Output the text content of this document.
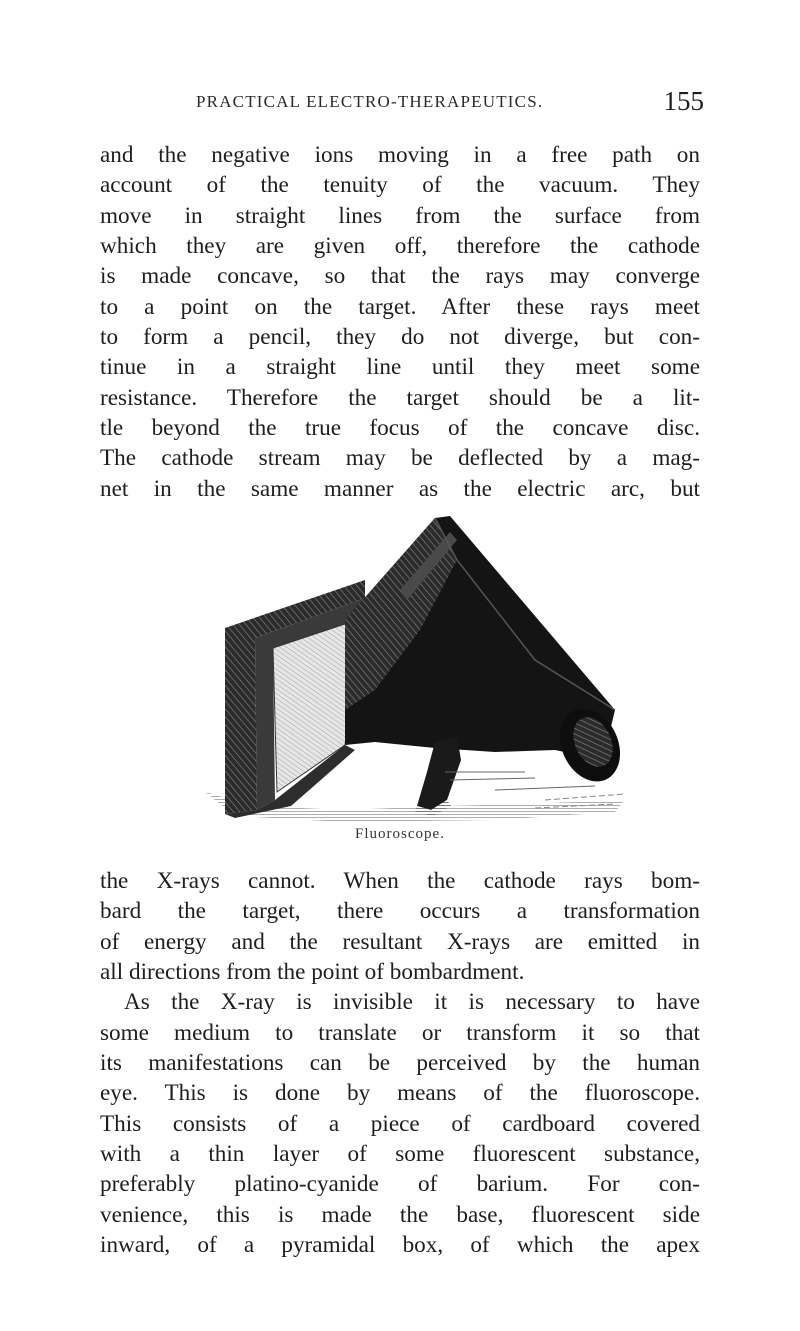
PRACTICAL ELECTRO-THERAPEUTICS.	155
and the negative ions moving in a free path on
account of the tenuity of the vacuum. They
move in straight lines from the surface from
which they are given off, therefore the cathode
is made concave, so that the rays may converge
to a point on the target. After these rays meet
to form a pencil, they do not diverge, but con-
tinue in a straight line until they meet some
resistance. Therefore the target should be a lit-
tle beyond the true focus of the concave disc.
The cathode stream may be deflected by a mag-
net in the same manner as the electric arc, but
Fluoroscope.
the X-rays cannot. When the cathode rays bom-
bard the target, there occurs a transformation
of energy and the resultant X-rays are emitted in
all directions from the point of bombardment.
As the X-ray is invisible it is necessary to have
some medium to translate or transform it so that
its manifestations can be perceived by the human
eye. This is done by means of the fluoroscope.
This consists of a piece of cardboard covered
with a thin layer of some fluorescent substance,
preferably platino-cyanide of barium. For con-
venience, this is made the base, fluorescent side
inward, of a pyramidal box, of which the apex
